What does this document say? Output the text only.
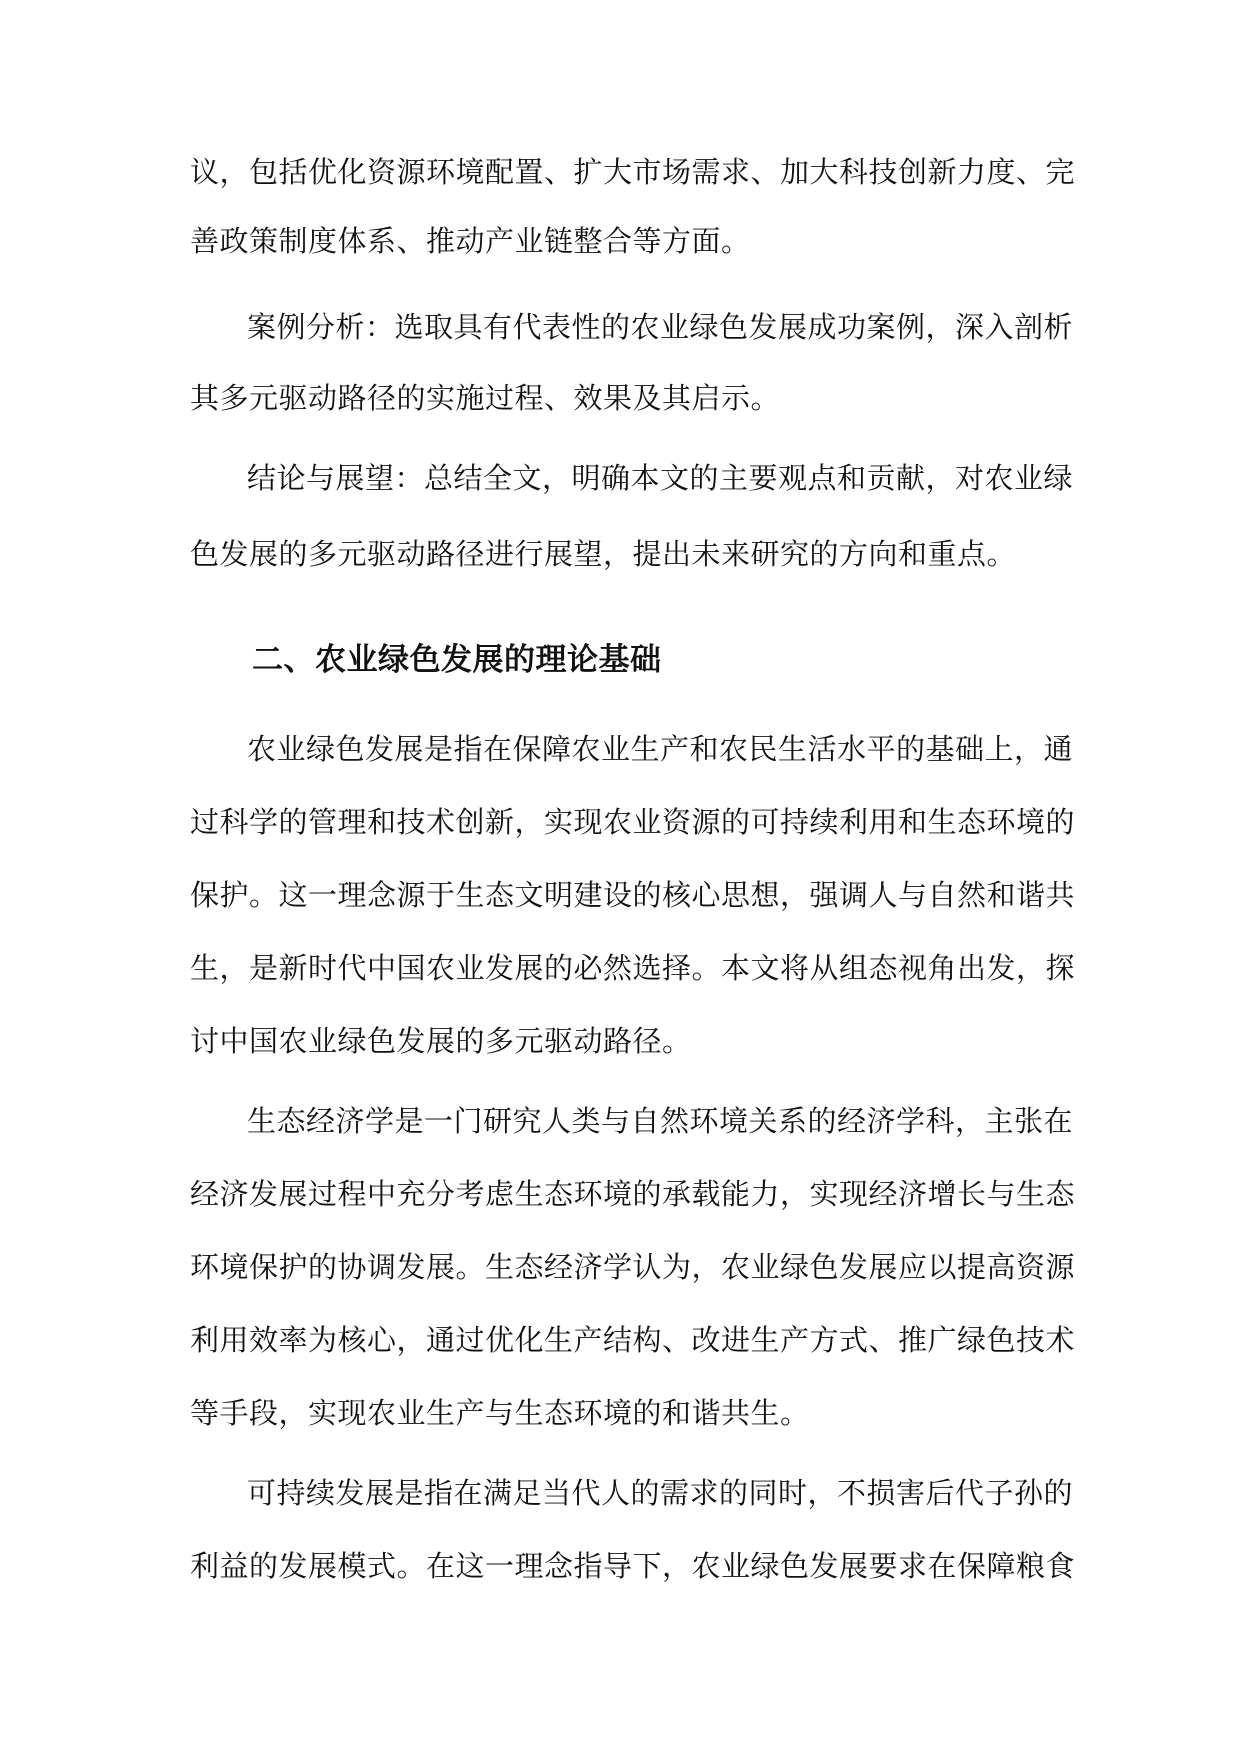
议，包括优化资源环境配置、扩大市场需求、加大科技创新力度、完
善政策制度体系、推动产业链整合等方面。
案例分析：选取具有代表性的农业绿色发展成功案例，深入剖析
其多元驱动路径的实施过程、效果及其启示。
结论与展望：总结全文，明确本文的主要观点和贡献，对农业绿
色发展的多元驱动路径进行展望，提出未来研究的方向和重点。
二、农业绿色发展的理论基础
农业绿色发展是指在保障农业生产和农民生活水平的基础上，通
过科学的管理和技术创新，实现农业资源的可持续利用和生态环境的
保护。这一理念源于生态文明建设的核心思想，强调人与自然和谐共
生，是新时代中国农业发展的必然选择。本文将从组态视角出发，探
讨中国农业绿色发展的多元驱动路径。
生态经济学是一门研究人类与自然环境关系的经济学科，主张在
经济发展过程中充分考虑生态环境的承载能力，实现经济增长与生态
环境保护的协调发展。生态经济学认为，农业绿色发展应以提高资源
利用效率为核心，通过优化生产结构、改进生产方式、推广绿色技术
等手段，实现农业生产与生态环境的和谐共生。
可持续发展是指在满足当代人的需求的同时，不损害后代子孙的
利益的发展模式。在这一理念指导下，农业绿色发展要求在保障粮食
